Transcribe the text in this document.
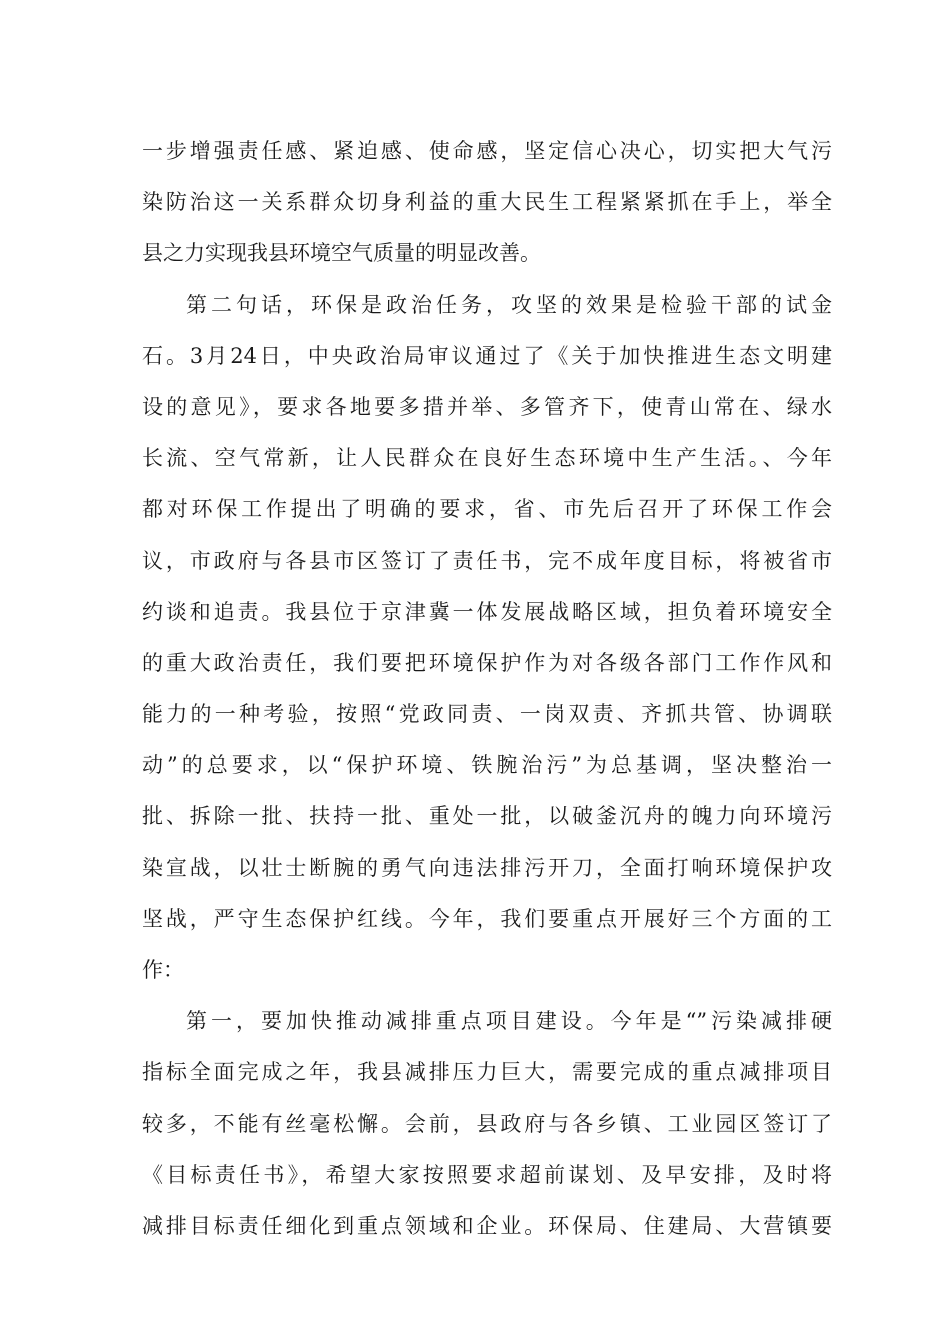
一步增强责任感、紧迫感、使命感，坚定信心决心，切实把大气污
染防治这一关系群众切身利益的重大民生工程紧紧抓在手上，举全
县之力实现我县环境空气质量的明显改善。
第二句话，环保是政治任务，攻坚的效果是检验干部的试金
石。3月24日，中央政治局审议通过了《关于加快推进生态文明建
设的意见》，要求各地要多措并举、多管齐下，使青山常在、绿水
长流、空气常新，让人民群众在良好生态环境中生产生活。、今年
都对环保工作提出了明确的要求，省、市先后召开了环保工作会
议，市政府与各县市区签订了责任书，完不成年度目标，将被省市
约谈和追责。我县位于京津冀一体发展战略区域，担负着环境安全
的重大政治责任，我们要把环境保护作为对各级各部门工作作风和
能力的一种考验，按照“党政同责、一岗双责、齐抓共管、协调联
动”的总要求，以“保护环境、铁腕治污”为总基调，坚决整治一
批、拆除一批、扶持一批、重处一批，以破釜沉舟的魄力向环境污
染宣战，以壮士断腕的勇气向违法排污开刀，全面打响环境保护攻
坚战，严守生态保护红线。今年，我们要重点开展好三个方面的工
作：
第一，要加快推动减排重点项目建设。今年是“”污染减排硬
指标全面完成之年，我县减排压力巨大，需要完成的重点减排项目
较多，不能有丝毫松懈。会前，县政府与各乡镇、工业园区签订了
《目标责任书》，希望大家按照要求超前谋划、及早安排，及时将
减排目标责任细化到重点领域和企业。环保局、住建局、大营镇要
